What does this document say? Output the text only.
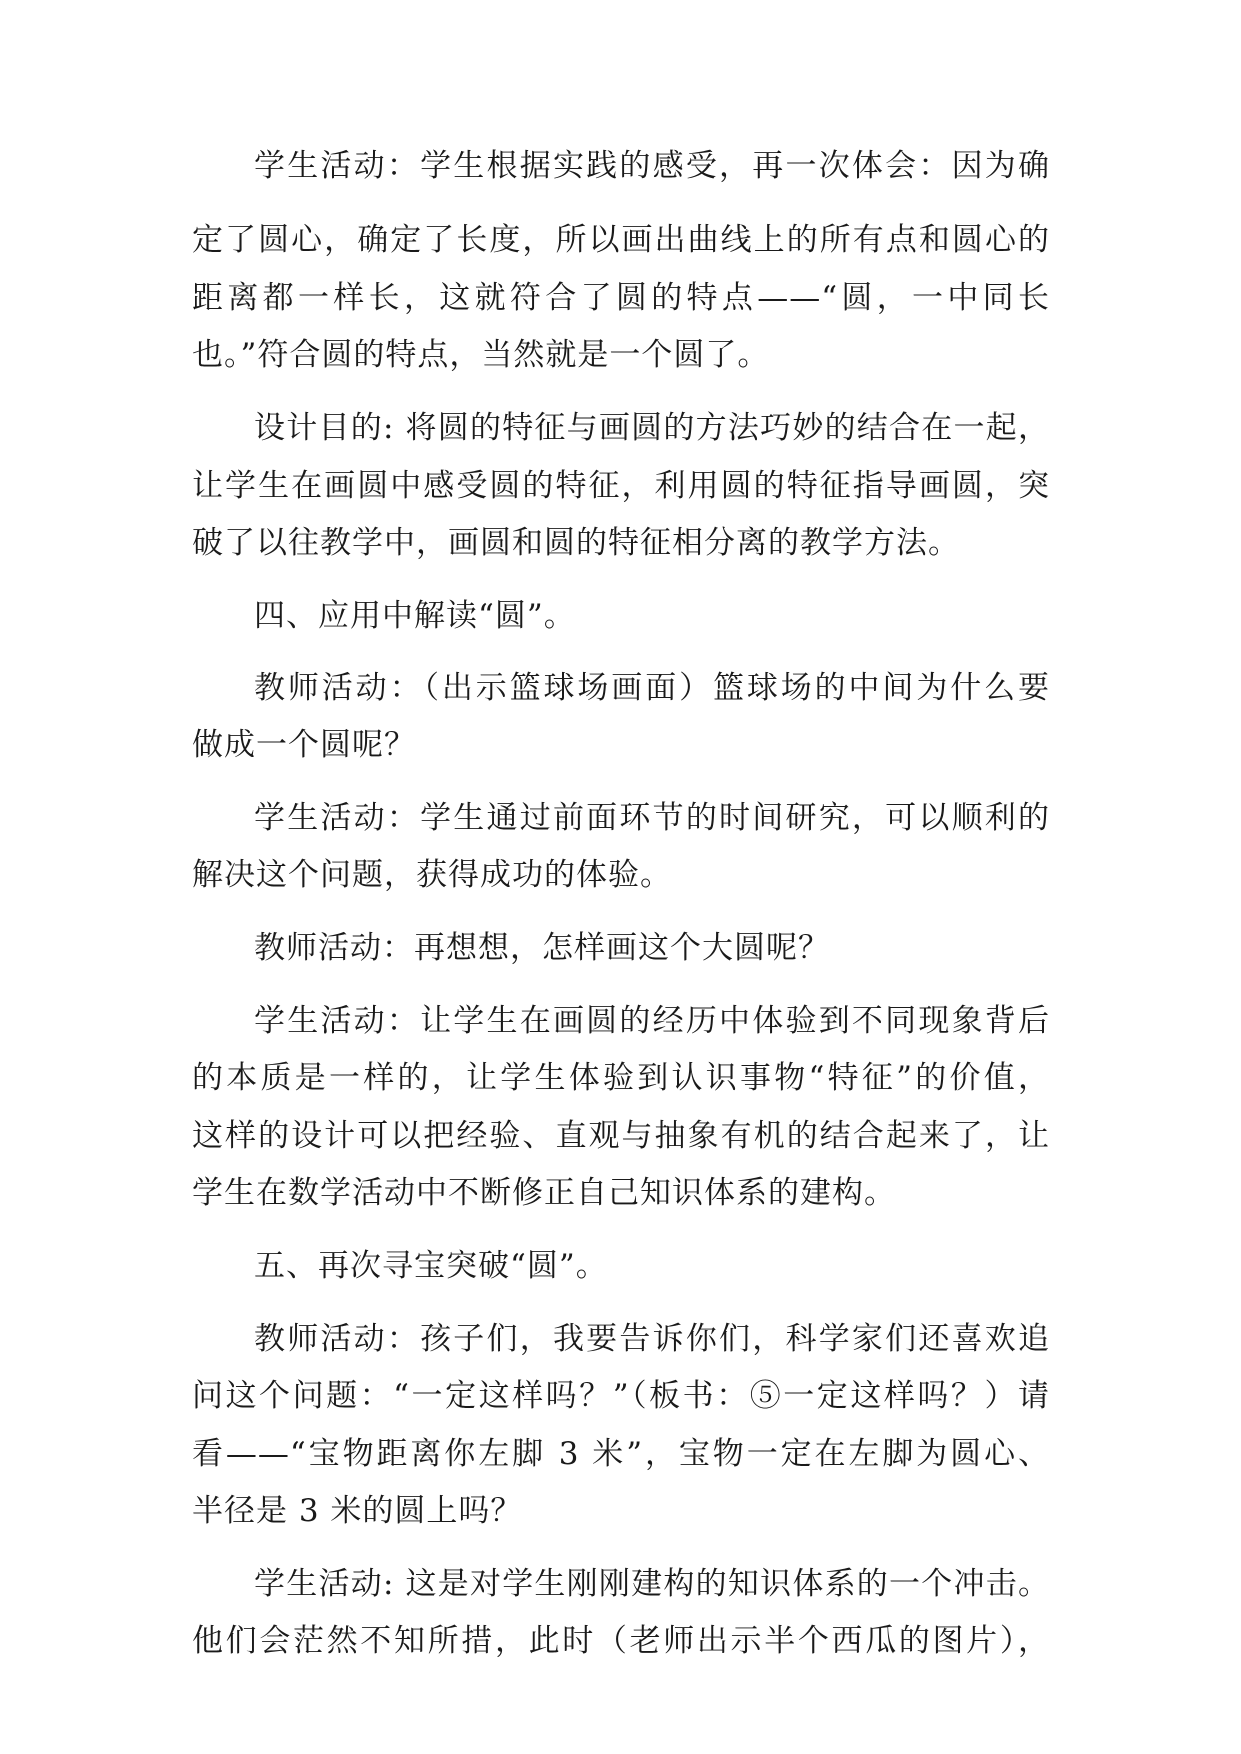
学生活动：学生根据实践的感受，再一次体会：因为确
定了圆心，确定了长度，所以画出曲线上的所有点和圆心的
距离都一样长，这就符合了圆的特点——“圆，一中同长
也。”符合圆的特点，当然就是一个圆了。
设计目的: 将圆的特征与画圆的方法巧妙的结合在一起，
让学生在画圆中感受圆的特征，利用圆的特征指导画圆，突
破了以往教学中，画圆和圆的特征相分离的教学方法。
四、应用中解读“圆”。
教师活动：（出示篮球场画面）篮球场的中间为什么要
做成一个圆呢？
学生活动：学生通过前面环节的时间研究，可以顺利的
解决这个问题，获得成功的体验。
教师活动：再想想，怎样画这个大圆呢？
学生活动：让学生在画圆的经历中体验到不同现象背后
的本质是一样的，让学生体验到认识事物“特征”的价值，
这样的设计可以把经验、直观与抽象有机的结合起来了，让
学生在数学活动中不断修正自己知识体系的建构。
五、再次寻宝突破“圆”。
教师活动：孩子们，我要告诉你们，科学家们还喜欢追
问这个问题：“一定这样吗？”（板书：⑤一定这样吗？）请
看——“宝物距离你左脚 3 米”，宝物一定在左脚为圆心、
半径是 3 米的圆上吗？
学生活动: 这是对学生刚刚建构的知识体系的一个冲击。
他们会茫然不知所措，此时（老师出示半个西瓜的图片），
